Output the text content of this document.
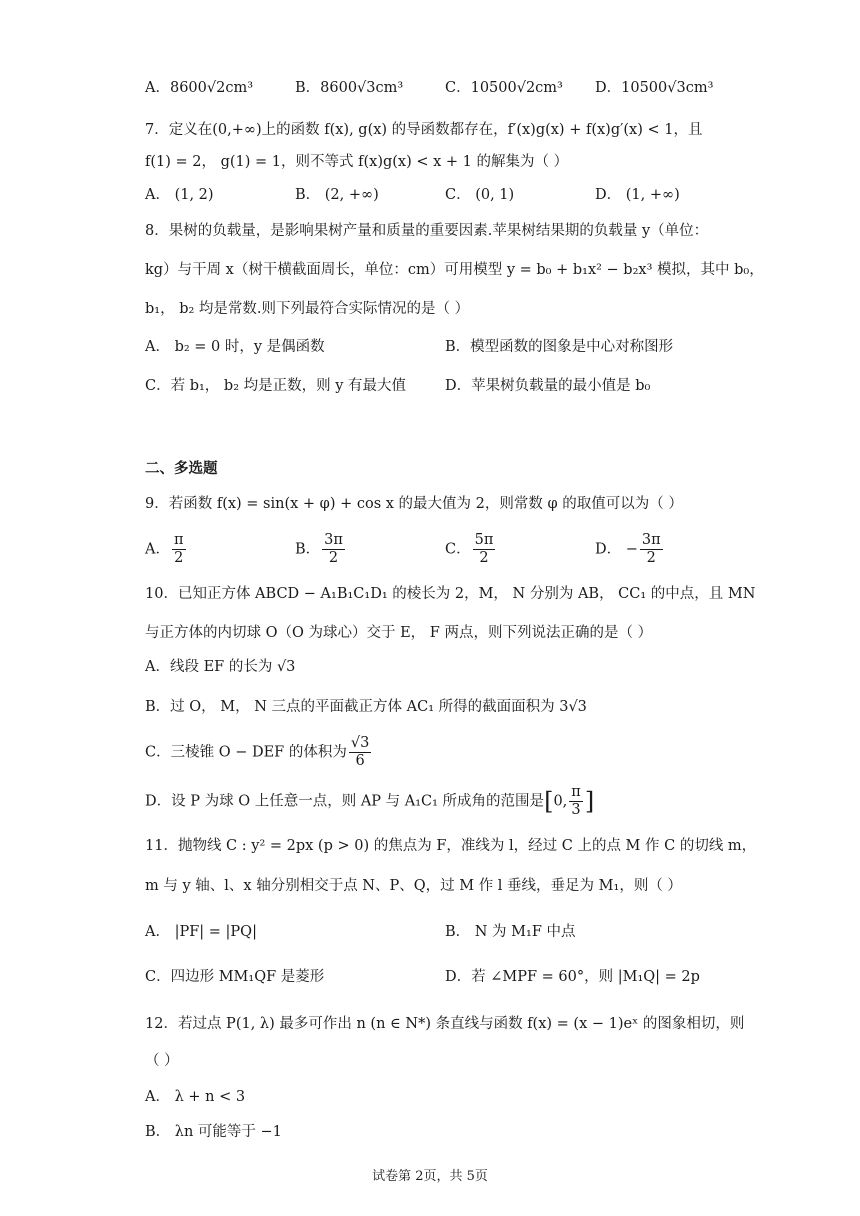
A．8600√2cm³	B．8600√3cm³	C．10500√2cm³ D．10500√3cm³
7．定义在(0,+∞)上的函数 f(x), g(x) 的导函数都存在，f′(x)g(x) + f(x)g′(x) < 1，且
f(1) = 2， g(1) = 1，则不等式 f(x)g(x) < x + 1 的解集为（ ）
A． (1, 2)	B． (2, +∞)	C． (0, 1)	D． (1, +∞)
8．果树的负载量，是影响果树产量和质量的重要因素.苹果树结果期的负载量 y（单位：
kg）与干周 x（树干横截面周长，单位：cm）可用模型 y = b₀ + b₁x² − b₂x³ 模拟，其中 b₀，
b₁， b₂ 均是常数.则下列最符合实际情况的是（ ）
A． b₂ = 0 时，y 是偶函数	B．模型函数的图象是中心对称图形
C．若 b₁， b₂ 均是正数，则 y 有最大值	D．苹果树负载量的最小值是 b₀
二、多选题
9．若函数 f(x) = sin(x + φ) + cos x 的最大值为 2，则常数 φ 的取值可以为（ ）
A． $\frac{\pi}{2}$	B． $\frac{3\pi}{2}$	C． $\frac{5\pi}{2}$	D． − $\frac{3\pi}{2}$
10．已知正方体 ABCD − A₁B₁C₁D₁ 的棱长为 2，M， N 分别为 AB， CC₁ 的中点，且 MN
与正方体的内切球 O（O 为球心）交于 E， F 两点，则下列说法正确的是（ ）
A．线段 EF 的长为 √3
B．过 O， M， N 三点的平面截正方体 AC₁ 所得的截面面积为 3√3
C．三棱锥 O − DEF 的体积为 $\frac{√3}{6}$
D．设 P 为球 O 上任意一点，则 AP 与 A₁C₁ 所成角的范围是[0, $\frac{\pi}{3}$ ]
11．抛物线 C : y² = 2px (p > 0) 的焦点为 F，准线为 l，经过 C 上的点 M 作 C 的切线 m，
m 与 y 轴、l、x 轴分别相交于点 N、P、Q，过 M 作 l 垂线，垂足为 M₁，则（ ）
A． |PF| = |PQ|	B． N 为 M₁F 中点
C．四边形 MM₁QF 是菱形	D．若 ∠MPF = 60°，则 |M₁Q| = 2p
12．若过点 P(1, λ) 最多可作出 n (n ∈ N*) 条直线与函数 f(x) = (x − 1)eˣ 的图象相切，则
（ ）
A． λ + n < 3
B． λn 可能等于 −1
试卷第 2页，共 5页
